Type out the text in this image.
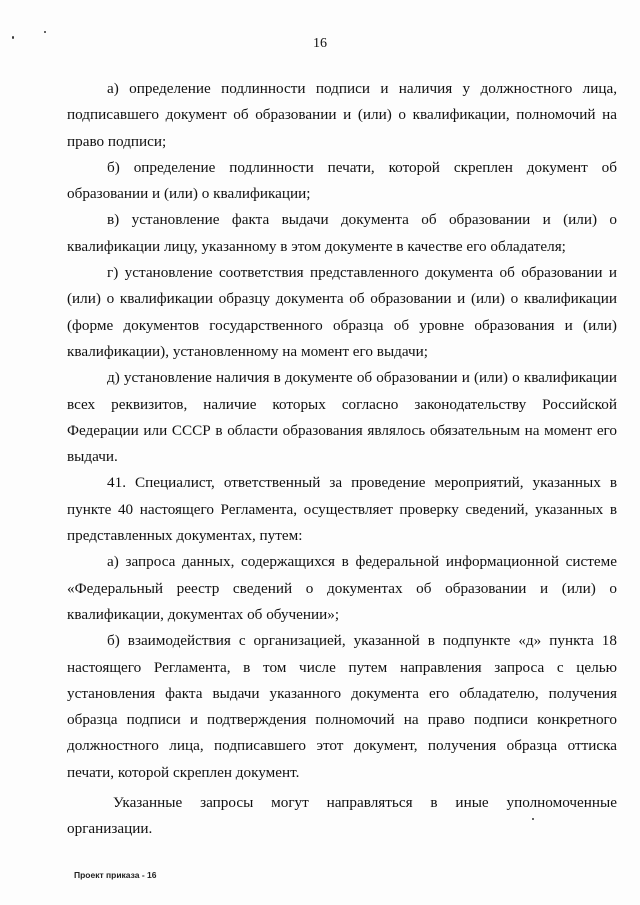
16

а) определение подлинности подписи и наличия у должностного лица, подписавшего документ об образовании и (или) о квалификации, полномочий на право подписи;

б) определение подлинности печати, которой скреплен документ об образовании и (или) о квалификации;

в) установление факта выдачи документа об образовании и (или) о квалификации лицу, указанному в этом документе в качестве его обладателя;

г) установление соответствия представленного документа об образовании и (или) о квалификации образцу документа об образовании и (или) о квалификации (форме документов государственного образца об уровне образования и (или) квалификации), установленному на момент его выдачи;

д) установление наличия в документе об образовании и (или) о квалификации всех реквизитов, наличие которых согласно законодательству Российской Федерации или СССР в области образования являлось обязательным на момент его выдачи.

41. Специалист, ответственный за проведение мероприятий, указанных в пункте 40 настоящего Регламента, осуществляет проверку сведений, указанных в представленных документах, путем:

а) запроса данных, содержащихся в федеральной информационной системе «Федеральный реестр сведений о документах об образовании и (или) о квалификации, документах об обучении»;

б) взаимодействия с организацией, указанной в подпункте «д» пункта 18 настоящего Регламента, в том числе путем направления запроса с целью установления факта выдачи указанного документа его обладателю, получения образца подписи и подтверждения полномочий на право подписи конкретного должностного лица, подписавшего этот документ, получения образца оттиска печати, которой скреплен документ.

Указанные запросы могут направляться в иные уполномоченные организации.

Проект приказа - 16
